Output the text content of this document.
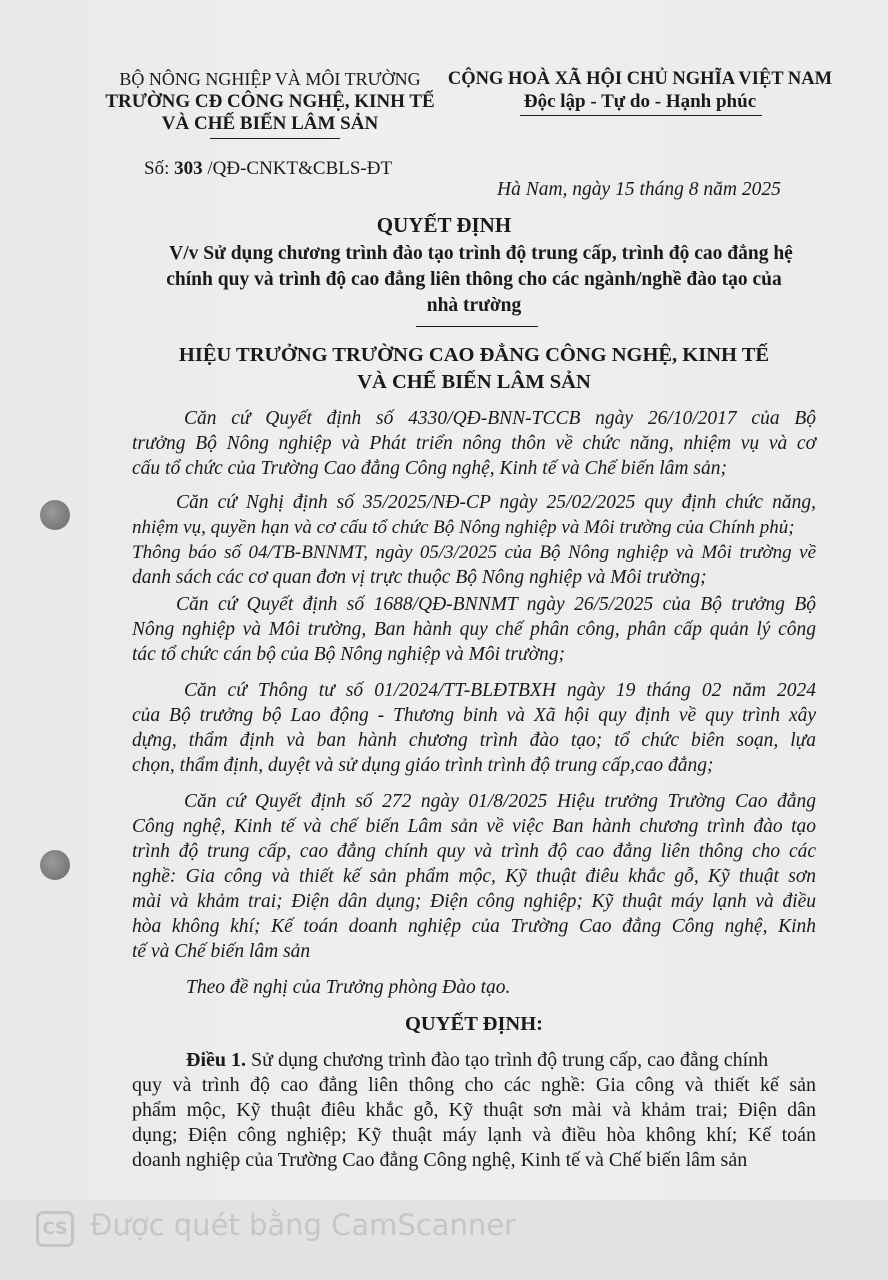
BỘ NÔNG NGHIỆP VÀ MÔI TRƯỜNG
TRƯỜNG CĐ CÔNG NGHỆ, KINH TẾ
VÀ CHẾ BIẾN LÂM SẢN
CỘNG HOÀ XÃ HỘI CHỦ NGHĨA VIỆT NAM
Độc lập - Tự do - Hạnh phúc
Số: 303 /QĐ-CNKT&CBLS-ĐT
Hà Nam, ngày 15 tháng 8 năm 2025
QUYẾT ĐỊNH
V/v Sử dụng chương trình đào tạo trình độ trung cấp, trình độ cao đẳng hệ
chính quy và trình độ cao đẳng liên thông cho các ngành/nghề đào tạo của
nhà trường
HIỆU TRƯỞNG TRƯỜNG CAO ĐẲNG CÔNG NGHỆ, KINH TẾ
VÀ CHẾ BIẾN LÂM SẢN
Căn cứ Quyết định số 4330/QĐ-BNN-TCCB ngày 26/10/2017 của Bộ
trưởng Bộ Nông nghiệp và Phát triển nông thôn về chức năng, nhiệm vụ và cơ
cấu tổ chức của Trường Cao đẳng Công nghệ, Kinh tế và Chế biến lâm sản;
Căn cứ Nghị định số 35/2025/NĐ-CP ngày 25/02/2025 quy định chức năng,
nhiệm vụ, quyền hạn và cơ cấu tổ chức Bộ Nông nghiệp và Môi trường của Chính phủ;
Thông báo số 04/TB-BNNMT, ngày 05/3/2025 của Bộ Nông nghiệp và Môi trường về
danh sách các cơ quan đơn vị trực thuộc Bộ Nông nghiệp và Môi trường;
Căn cứ Quyết định số 1688/QĐ-BNNMT ngày 26/5/2025 của Bộ trưởng Bộ
Nông nghiệp và Môi trường, Ban hành quy chế phân công, phân cấp quản lý công
tác tổ chức cán bộ của Bộ Nông nghiệp và Môi trường;
Căn cứ Thông tư số 01/2024/TT-BLĐTBXH ngày 19 tháng 02 năm 2024
của Bộ trưởng bộ Lao động - Thương binh và Xã hội quy định về quy trình xây
dựng, thẩm định và ban hành chương trình đào tạo; tổ chức biên soạn, lựa
chọn, thẩm định, duyệt và sử dụng giáo trình trình độ trung cấp,cao đẳng;
Căn cứ Quyết định số 272 ngày 01/8/2025 Hiệu trưởng Trường Cao đẳng
Công nghệ, Kinh tế và chế biến Lâm sản về việc Ban hành chương trình đào tạo
trình độ trung cấp, cao đẳng chính quy và trình độ cao đẳng liên thông cho các
nghề: Gia công và thiết kế sản phẩm mộc, Kỹ thuật điêu khắc gỗ, Kỹ thuật sơn
mài và khảm trai; Điện dân dụng; Điện công nghiệp; Kỹ thuật máy lạnh và điều
hòa không khí; Kế toán doanh nghiệp của Trường Cao đẳng Công nghệ, Kinh
tế và Chế biến lâm sản
Theo đề nghị của Trưởng phòng Đào tạo.
QUYẾT ĐỊNH:
Điều 1. Sử dụng chương trình đào tạo trình độ trung cấp, cao đẳng chính
quy và trình độ cao đẳng liên thông cho các nghề: Gia công và thiết kế sản
phẩm mộc, Kỹ thuật điêu khắc gỗ, Kỹ thuật sơn mài và khảm trai; Điện dân
dụng; Điện công nghiệp; Kỹ thuật máy lạnh và điều hòa không khí; Kế toán
doanh nghiệp của Trường Cao đẳng Công nghệ, Kinh tế và Chế biến lâm sản
CS Được quét bằng CamScanner
